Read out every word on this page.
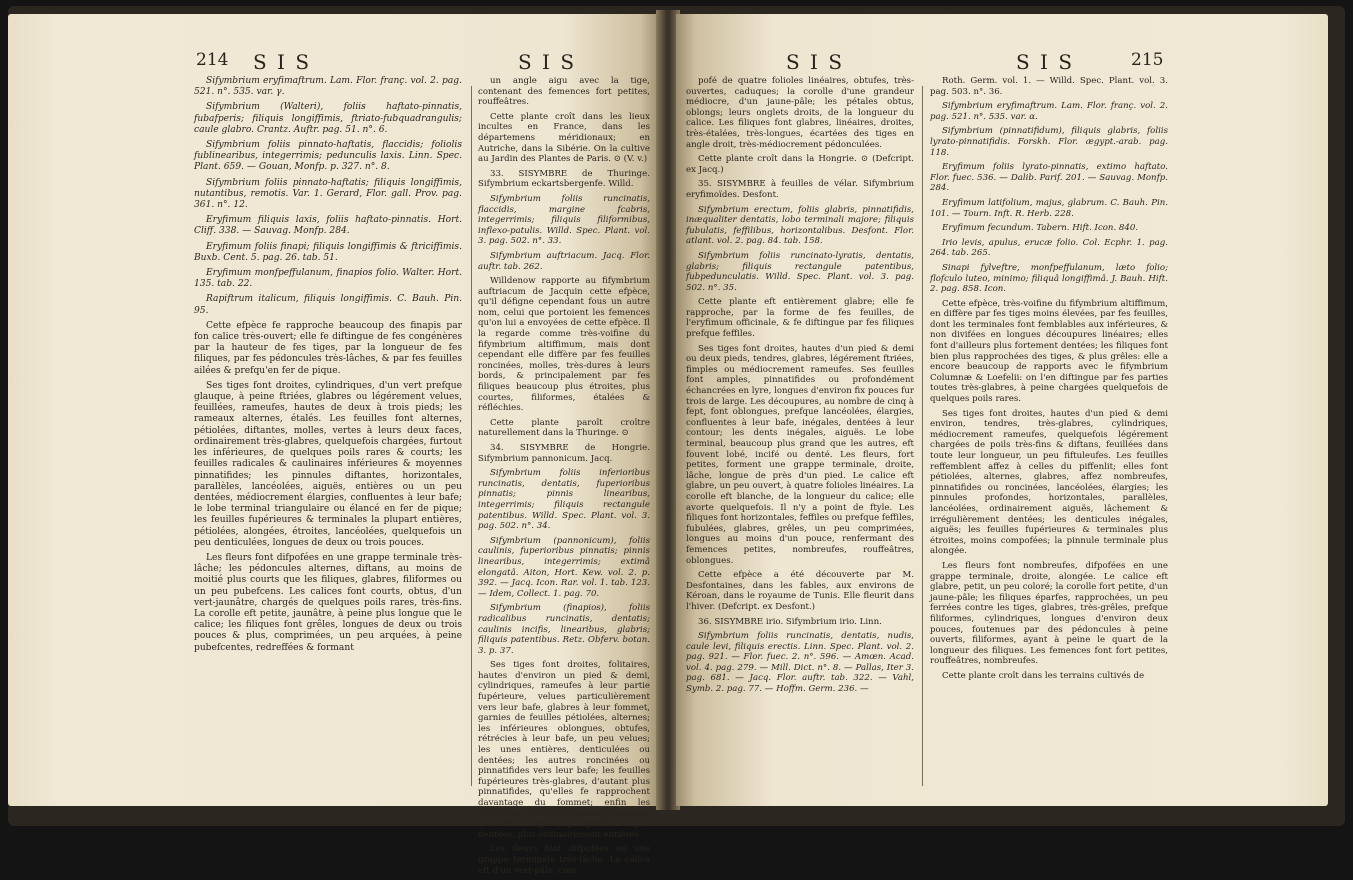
214 S I S	S I S

Sifymbrium eryfimaftrum. Lam. Flor. franç. vol. 2. pag. 521. n°. 535. var. γ.

Sifymbrium (Walteri), foliis haftato-pinnatis, fubafperis; filiquis longiffimis, ftriato-fubquadrangulis; caule glabro. Crantz. Auftr. pag. 51. n°. 6.

Sifymbrium foliis pinnato-haftatis, flaccidis; foliolis fublinearibus, integerrimis; pedunculis laxis. Linn. Spec. Plant. 659. — Gouan, Monfp. p. 327. n°. 8.

Sifymbrium foliis pinnato-haftatis; filiquis longiffimis, nutantibus, remotis. Var. 1. Gerard, Flor. gall. Prov. pag. 361. n°. 12.

Eryfimum filiquis laxis, foliis haftato-pinnatis. Hort. Cliff. 338. — Sauvag. Monfp. 284.

Eryfimum foliis finapi; filiquis longiffimis & ftriciffimis. Buxb. Cent. 5. pag. 26. tab. 51.

Eryfimum monfpeffulanum, finapios folio. Walter. Hort. 135. tab. 22.

Rapiftrum italicum, filiquis longiffimis. C. Bauh. Pin. 95.

Cette efpèce fe rapproche beaucoup des finapis par fon calice très-ouvert; elle fe diftingue de fes congénères par la hauteur de fes tiges, par la longueur de fes filiques, par fes pédoncules très-lâches, & par fes feuilles ailées & prefqu'en fer de pique.

Ses tiges font droites, cylindriques, d'un vert prefque glauque, à peine ftriées, glabres ou légérement velues, feuillées, rameufes, hautes de deux à trois pieds; les rameaux alternes, étalés. Les feuilles font alternes, pétiolées, diftantes, molles, vertes à leurs deux faces, ordinairement très-glabres, quelquefois chargées, furtout les inférieures, de quelques poils rares & courts; les feuilles radicales & caulinaires inférieures & moyennes pinnatifides; les pinnules diftantes, horizontales, parallèles, lancéolées, aiguës, entières ou un peu dentées, médiocrement élargies, confluentes à leur bafe; le lobe terminal triangulaire ou élancé en fer de pique; les feuilles fupérieures & terminales la plupart entières, pétiolées, alongées, étroites, lancéolées, quelquefois un peu denticulées, longues de deux ou trois pouces.

Les fleurs font difpofées en une grappe terminale très-lâche; les pédoncules alternes, diftans, au moins de moitié plus courts que les filiques, glabres, filiformes ou un peu pubefcens. Les calices font courts, obtus, d'un vert-jaunâtre, chargés de quelques poils rares, très-fins. La corolle eft petite, jaunâtre, à peine plus longue que le calice; les filiques font grêles, longues de deux ou trois pouces & plus, comprimées, un peu arquées, à peine pubefcentes, redreffées & formant

un angle aigu avec la tige, contenant des femences fort petites, rouffeâtres.

Cette plante croît dans les lieux incultes en France, dans les départemens méridionaux; en Autriche, dans la Sibérie. On la cultive au Jardin des Plantes de Paris. ⊙ (V. v.)

33. SISYMBRE de Thuringe. Sifymbrium eckartsbergenfe. Willd.

Sifymbrium foliis runcinatis, flaccidis, margine fcabris, integerrimis; filiquis filiformibus, inflexo-patulis. Willd. Spec. Plant. vol. 3. pag. 502. n°. 33.

Sifymbrium auftriacum. Jacq. Flor. auftr. tab. 262.

Willdenow rapporte au fifymbrium auftriacum de Jacquin cette efpèce, qu'il défigne cependant fous un autre nom, celui que portoient les femences qu'on lui a envoyées de cette efpèce. Il la regarde comme très-voifine du fifymbrium altiffimum, mais dont cependant elle diffère par fes feuilles roncinées, molles, très-dures à leurs bords, & principalement par fes filiques beaucoup plus étroites, plus courtes, filiformes, étalées & réfléchies.

Cette plante paroît croître naturellement dans la Thuringe. ⊙

34. SISYMBRE de Hongrie. Sifymbrium pannonicum. Jacq.

Sifymbrium foliis inferioribus runcinatis, dentatis, fuperioribus pinnatis; pinnis linearibus, integerrimis; filiquis rectangule patentibus. Willd. Spec. Plant. vol. 3. pag. 502. n°. 34.

Sifymbrium (pannonicum), foliis caulinis, fuperioribus pinnatis; pinnis linearibus, integerrimis; extimâ elongatâ. Aiton, Hort. Kew. vol. 2. p. 392. — Jacq. Icon. Rar. vol. 1. tab. 123. — Idem, Collect. 1. pag. 70.

Sifymbrium (finapios), foliis radicalibus runcinatis, dentatis; caulinis incifis, linearibus, glabris; filiquis patentibus. Retz. Obferv. botan. 3. p. 37.

Ses tiges font droites, folitaires, hautes d'environ un pied & demi, cylindriques, rameufes à leur partie fupérieure, velues particulièrement vers leur bafe, glabres à leur fommet, garnies de feuilles pétiolées, alternes; les inférieures oblongues, obtufes, rétrécies à leur bafe, un peu velues; les unes entières, denticulées ou dentées; les autres roncinées ou pinnatifides vers leur bafe; les feuilles fupérieures très-glabres, d'autant plus pinnatifides, qu'elles fe rapprochent davantage du fommet; enfin les dernières ailées; les pinnules linéaires-lancéolées, aiguës, quelquefois un peu dentées, plus ordinairement entières.

Les fleurs font difpofées en une grappe terminale très-lâche. Le calice eft d'un vert-pâle, com-

S I S	S I S	215

pofé de quatre folioles linéaires, obtufes, très-ouvertes, caduques; la corolle d'une grandeur médiocre, d'un jaune-pâle; les pétales obtus, oblongs; leurs onglets droits, de la longueur du calice. Les filiques font glabres, linéaires, droites, très-étalées, très-longues, écartées des tiges en angle droit, très-médiocrement pédonculées.

Cette plante croît dans la Hongrie. ⊙ (Defcript. ex Jacq.)

35. SISYMBRE à feuilles de vélar. Sifymbrium eryfimoïdes. Desfont.

Sifymbrium erectum, foliis glabris, pinnatifidis, inæqualiter dentatis, lobo terminali majore; filiquis fubulatis, feffilibus, horizontalibus. Desfont. Flor. atlant. vol. 2. pag. 84. tab. 158.

Sifymbrium foliis runcinato-lyratis, dentatis, glabris; filiquis rectangule patentibus, fubpedunculatis. Willd. Spec. Plant. vol. 3. pag. 502. n°. 35.

Cette plante eft entièrement glabre; elle fe rapproche, par la forme de fes feuilles, de l'eryfimum officinale, & fe diftingue par fes filiques prefque feffiles.

Ses tiges font droites, hautes d'un pied & demi ou deux pieds, tendres, glabres, légérement ftriées, fimples ou médiocrement rameufes. Ses feuilles font amples, pinnatifides ou profondément échancrées en lyre, longues d'environ fix pouces fur trois de large. Les découpures, au nombre de cinq à fept, font oblongues, prefque lancéolées, élargies, confluentes à leur bafe, inégales, dentées à leur contour; les dents inégales, aiguës. Le lobe terminal, beaucoup plus grand que les autres, eft fouvent lobé, incifé ou denté. Les fleurs, fort petites, forment une grappe terminale, droite, lâche, longue de près d'un pied. Le calice eft glabre, un peu ouvert, à quatre folioles linéaires. La corolle eft blanche, de la longueur du calice; elle avorte quelquefois. Il n'y a point de ftyle. Les filiques font horizontales, feffiles ou prefque feffiles, fubulées, glabres, grêles, un peu comprimées, longues au moins d'un pouce, renfermant des femences petites, nombreufes, rouffeâtres, oblongues.

Cette efpèce a été découverte par M. Desfontaines, dans les fables, aux environs de Kéroan, dans le royaume de Tunis. Elle fleurit dans l'hiver. (Defcript. ex Desfont.)

36. SISYMBRE irio. Sifymbrium irio. Linn.

Sifymbrium foliis runcinatis, dentatis, nudis, caule levi, filiquis erectis. Linn. Spec. Plant. vol. 2. pag. 921. — Flor. fuec. 2. n°. 596. — Amœn. Acad. vol. 4. pag. 279. — Mill. Dict. n°. 8. — Pallas, Iter 3. pag. 681. — Jacq. Flor. auftr. tab. 322. — Vahl, Symb. 2. pag. 77. — Hoffm. Germ. 236. —

Roth. Germ. vol. 1. — Willd. Spec. Plant. vol. 3. pag. 503. n°. 36.

Sifymbrium eryfimaftrum. Lam. Flor. franç. vol. 2. pag. 521. n°. 535. var. α.

Sifymbrium (pinnatifidum), filiquis glabris, foliis lyrato-pinnatifidis. Forskh. Flor. ægypt.-arab. pag. 118.

Eryfimum foliis lyrato-pinnatis, extimo haftato. Flor. fuec. 536. — Dalib. Parif. 201. — Sauvag. Monfp. 284.

Eryfimum latifolium, majus, glabrum. C. Bauh. Pin. 101. — Tourn. Inft. R. Herb. 228.

Eryfimum fecundum. Tabern. Hift. Icon. 840.

Irio levis, apulus, erucæ folio. Col. Ecphr. 1. pag. 264. tab. 265.

Sinapi fylveftre, monfpeffulanum, læto folio; flofculo luteo, minimo; filiquâ longiffimâ. J. Bauh. Hift. 2. pag. 858. Icon.

Cette efpèce, très-voifine du fifymbrium altiffimum, en diffère par fes tiges moins élevées, par fes feuilles, dont les terminales font femblables aux inférieures, & non divifées en longues découpures linéaires; elles font d'ailleurs plus fortement dentées; les filiques font bien plus rapprochées des tiges, & plus grêles: elle a encore beaucoup de rapports avec le fifymbrium Columnæ & Loefelii: on l'en diftingue par fes parties toutes très-glabres, à peine chargées quelquefois de quelques poils rares.

Ses tiges font droites, hautes d'un pied & demi environ, tendres, très-glabres, cylindriques, médiocrement rameufes, quelquefois légérement chargées de poils très-fins & diftans, feuillées dans toute leur longueur, un peu fiftuleufes. Les feuilles reffemblent affez à celles du piffenlit; elles font pétiolées, alternes, glabres, affez nombreufes, pinnatifides ou roncinées, lancéolées, élargies; les pinnules profondes, horizontales, parallèles, lancéolées, ordinairement aiguës, lâchement & irrégulièrement dentées; les denticules inégales, aiguës; les feuilles fupérieures & terminales plus étroites, moins compofées; la pinnule terminale plus alongée.

Les fleurs font nombreufes, difpofées en une grappe terminale, droite, alongée. Le calice eft glabre, petit, un peu coloré; la corolle fort petite, d'un jaune-pâle; les filiques éparfes, rapprochées, un peu ferrées contre les tiges, glabres, très-grêles, prefque filiformes, cylindriques, longues d'environ deux pouces, foutenues par des pédoncules à peine ouverts, filiformes, ayant à peine le quart de la longueur des filiques. Les femences font fort petites, rouffeâtres, nombreufes.

Cette plante croît dans les terrains cultivés de
